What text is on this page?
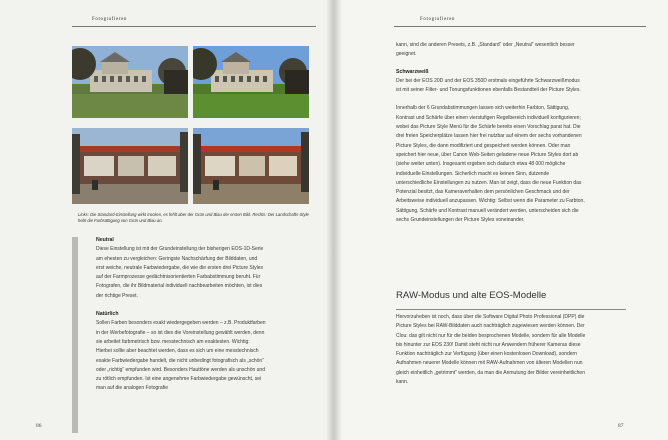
Fotografieren
Links: Die Standard-Einstellung wirkt trocken, es fehlt aber der Grün und Blau der ersten Bild. Rechts: Der Landschafts-Style hebt die Farbsättigung von Grün und Blau an.

Neutral

Diese Einstellung ist mit der Grundeinstellung der bisherigen EOS-1D-Serie am ehesten zu vergleichen: Geringste Nachschärfung der Bilddaten, und erst weiche, neutrale Farbwiedergabe, die wie die ersten drei Picture Styles auf der Farmprozesse gedächtnisorientierten Farbabstimmung beruht. Für Fotografen, die ihr Bildmaterial individuell nachbearbeiten möchten, ist dies der richtige Preset.

Natürlich

Sollen Farben besonders exakt wiedergegeben werden – z.B. Produktfarben in der Werbefotografie – so ist dies die Voreinstellung gewählt werden, denn sie arbeitet farbmetrisch bzw. messtechnisch am exaktesten. Wichtig: Hierbei sollte aber beachtet werden, dass es sich um eine messtechnisch exakte Farbwiedergabe handelt, die nicht unbedingt fotografisch als „schön“ oder „richtig“ empfunden wird. Besonders Hauttöne werden als unschön und zu rötlich empfunden. Ist eine angenehme Farbwiedergabe gewünscht, sei man auf die analogen Fotografie

86
Fotografieren

kann, sind die anderen Presets, z.B. „Standard“ oder „Neutral“ wesentlich besser geeignet.

Schwarzweiß

Der bei der EOS 20D und der EOS 350D erstmals eingeführte Schwarzweißmodus ist mit seiner Filter- und Tonungsfunktionen ebenfalls Bestandteil der Picture Styles.

Innerhalb der 6 Grundabstimmungen lassen sich weiterhin Farbton, Sättigung, Kontrast und Schärfe über einen vierstufigen Regelbereich individuell konfigurieren; wobei das Picture Style Menü für die Schärfe bereits einen Vorschlag parat hat. Die drei freien Speicherplätze lassen hier frei nutzbar auf einem der sechs vorhandenen Picture Styles, die dann modifiziert und gespeichert werden können. Oder man speichert hier neue, über Canon Web-Seiten geladene neue Picture Styles dort ab (siehe weiter unten). Insgesamt ergeben sich dadurch etwa 48 000 mögliche individuelle Einstellungen. Sicherlich macht es keinen Sinn, dutzende unterschiedliche Einstellungen zu nutzen. Man ist zeigt, dass die neue Funktion das Potenzial besitzt, das Kameraverhalten dem persönlichen Geschmack und der Arbeitsweise individuell anzupassen. Wichtig: Selbst wenn die Parameter zu Farbton, Sättigung, Schärfe und Kontrast manuell verändert werden, unterscheiden sich die sechs Grundeinstellungen der Picture Styles voneinander.

RAW-Modus und alte EOS-Modelle

Hervorzuheben ist noch, dass über die Software Digital Photo Professional (DPP) die Picture Styles bei RAW-Bilddaten auch nachträglich zugewiesen werden können. Der Clou: das gilt nicht nur für die beiden besprochenen Modelle, sondern für alle Modelle bis hinunter zur EOS 230! Damit steht nicht nur Anwendern früherer Kameras diese Funktion nachträglich zur Verfügung (über einen kostenlosen Download), sondern Aufnahmen neuerer Modelle können mit RAW-Aufnahmen von älteren Modellen nun gleich einheitlich „getrimmt“ werden, da man die Anmutung der Bilder vereinheitlichen kann.

87
